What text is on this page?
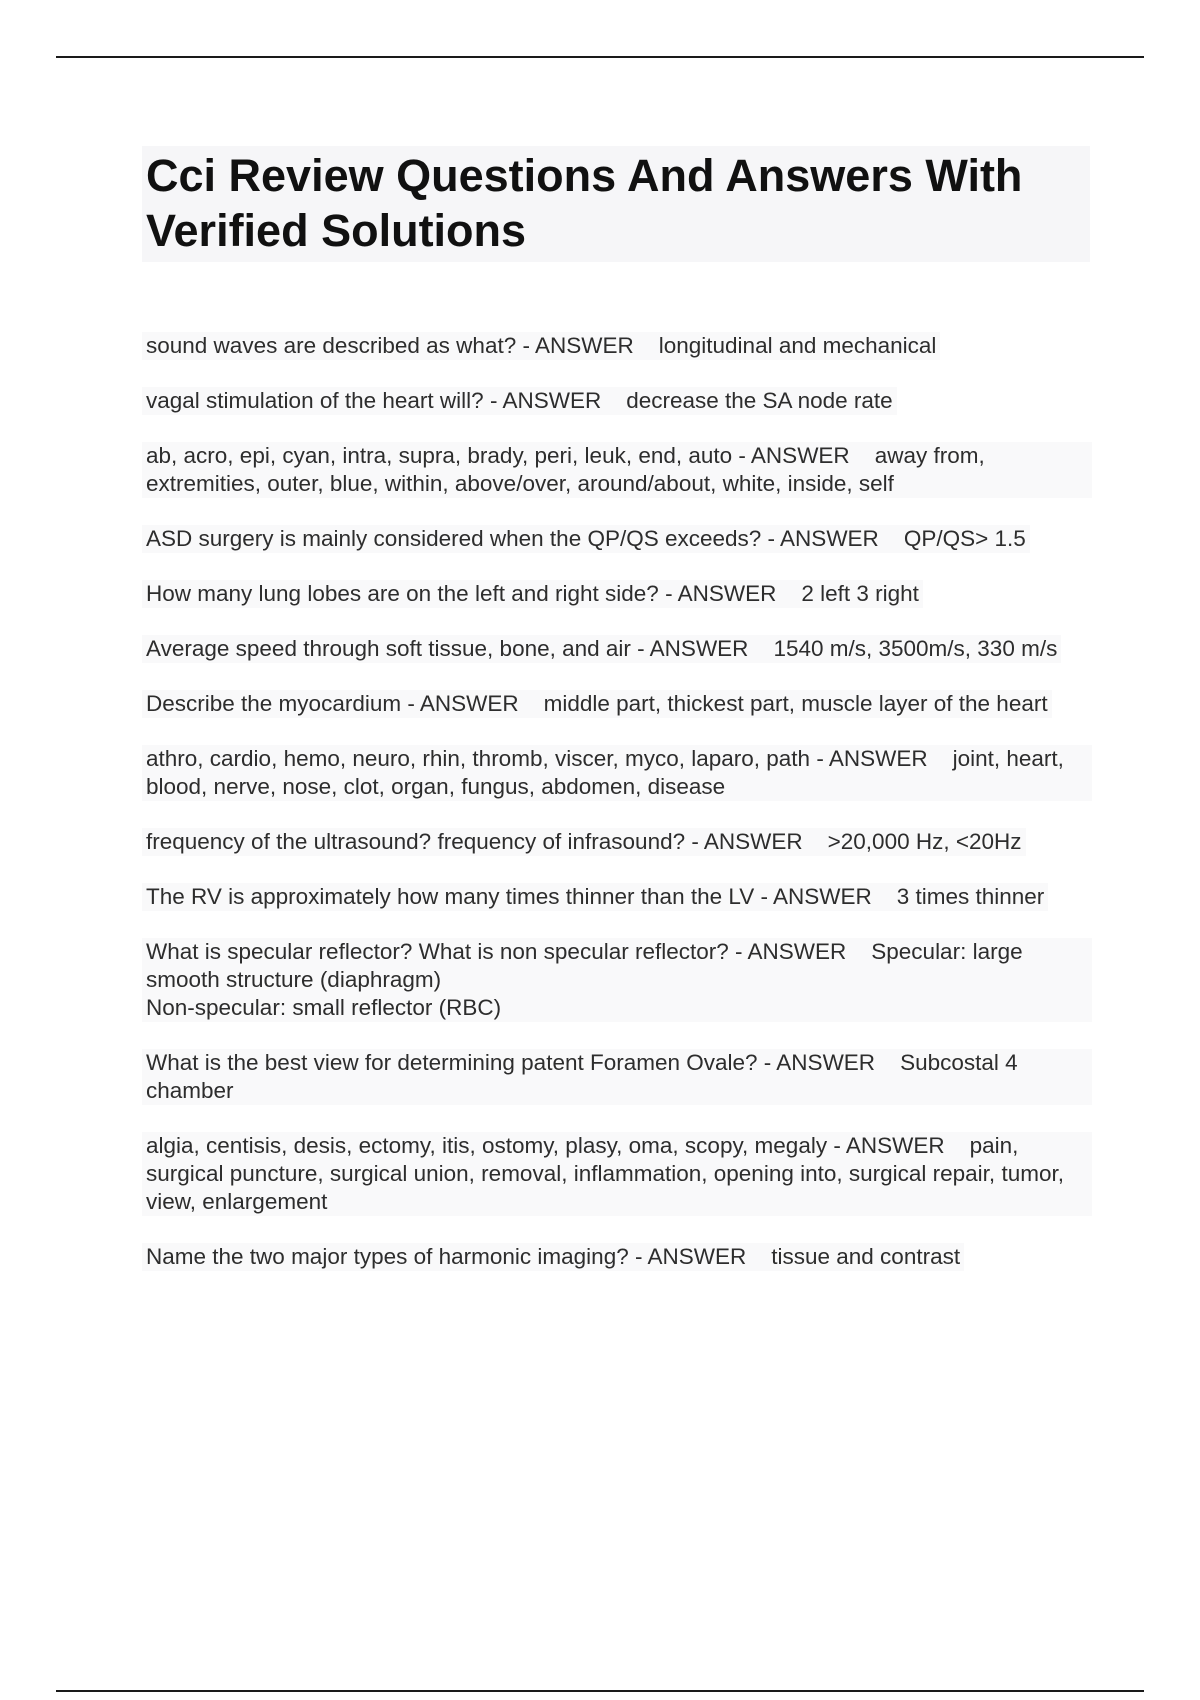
Cci Review Questions And Answers With Verified Solutions

sound waves are described as what? - ANSWER    longitudinal and mechanical

vagal stimulation of the heart will? - ANSWER    decrease the SA node rate

ab, acro, epi, cyan, intra, supra, brady, peri, leuk, end, auto - ANSWER    away from, extremities, outer, blue, within, above/over, around/about, white, inside, self

ASD surgery is mainly considered when the QP/QS exceeds? - ANSWER    QP/QS> 1.5

How many lung lobes are on the left and right side? - ANSWER    2 left 3 right

Average speed through soft tissue, bone, and air - ANSWER    1540 m/s, 3500m/s, 330 m/s

Describe the myocardium - ANSWER    middle part, thickest part, muscle layer of the heart

athro, cardio, hemo, neuro, rhin, thromb, viscer, myco, laparo, path - ANSWER    joint, heart, blood, nerve, nose, clot, organ, fungus, abdomen, disease

frequency of the ultrasound? frequency of infrasound? - ANSWER    >20,000 Hz, <20Hz

The RV is approximately how many times thinner than the LV - ANSWER    3 times thinner

What is specular reflector? What is non specular reflector? - ANSWER    Specular: large smooth structure (diaphragm)
Non-specular: small reflector (RBC)

What is the best view for determining patent Foramen Ovale? - ANSWER    Subcostal 4 chamber

algia, centisis, desis, ectomy, itis, ostomy, plasy, oma, scopy, megaly - ANSWER    pain, surgical puncture, surgical union, removal, inflammation, opening into, surgical repair, tumor, view, enlargement

Name the two major types of harmonic imaging? - ANSWER    tissue and contrast
